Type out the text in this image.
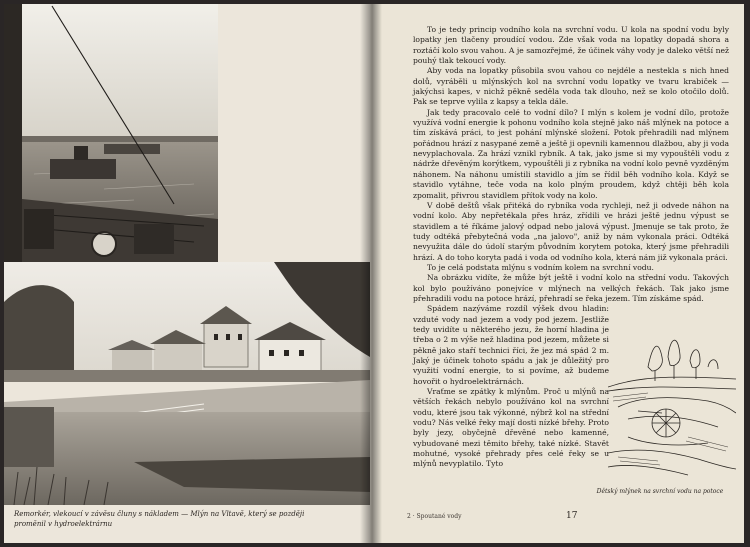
Remorkér, vlekoucí v závěsu čluny s nákladem — Mlýn na Vltavě, který se později proměnil v hydroelektrárnu

To je tedy princip vodního kola na svrchní vodu. U kola na spodní vodu byly lopatky jen tlačeny proudící vodou. Zde však voda na lopatky dopadá shora a roztáčí kolo svou vahou. A je samozřejmé, že účinek váhy vody je daleko větší než pouhý tlak tekoucí vody.

Aby voda na lopatky působila svou vahou co nejdéle a nestekla s nich hned dolů, vyráběli u mlýnských kol na svrchní vodu lopatky ve tvaru krabiček — jakýchsi kapes, v nichž pěkně seděla voda tak dlouho, než se kolo otočilo dolů. Pak se teprve vylila z kapsy a tekla dále.

Jak tedy pracovalo celé to vodní dílo? I mlýn s kolem je vodní dílo, protože využívá vodní energie k pohonu vodního kola stejně jako náš mlýnek na potoce a tím získává práci, to jest pohání mlýnské složení. Potok přehradili nad mlýnem pořádnou hrází z nasypané země a ještě ji opevnili kamennou dlažbou, aby ji voda nevyplachovala. Za hrází vznikl rybník. A tak, jako jsme si my vypouštěli vodu z nádrže dřevěným korýtkem, vypouštěli ji z rybníka na vodní kolo pevně vyzděným náhonem. Na náhonu umístili stavidlo a jím se řídil běh vodního kola. Když se stavidlo vytáhne, teče voda na kolo plným proudem, když chtěji běh kola zpomalit, přivrou stavidlem přítok vody na kolo.

V době deštů však přitéká do rybníka voda rychleji, než ji odvede náhon na vodní kolo. Aby nepřetékala přes hráz, zřídili ve hrázi ještě jednu výpust se stavidlem a té říkáme jalový odpad nebo jalová výpust. Jmenuje se tak proto, že tudy odtéká přebytečná voda „na jalovo", aniž by nám vykonala práci. Odtéká nevyužita dále do údolí starým původním korytem potoka, který jsme přehradili hrází. A do toho koryta padá i voda od vodního kola, která nám již vykonala práci.

To je celá podstata mlýnu s vodním kolem na svrchní vodu.

Na obrázku vidíte, že může být ještě i vodní kolo na střední vodu. Takových kol bylo používáno ponejvíce v mlýnech na velkých řekách. Tak jako jsme přehradili vodu na potoce hrází, přehradí se řeka jezem. Tím získáme spád.

Spádem nazýváme rozdíl výšek dvou hladin: vzduté vody nad jezem a vody pod jezem. Jestliže tedy uvidíte u některého jezu, že horní hladina je třeba o 2 m výše než hladina pod jezem, můžete si pěkně jako staří technici říci, že jez má spád 2 m. Jaký je účinek tohoto spádu a jak je důležitý pro využití vodní energie, to si povíme, až budeme hovořit o hydroelektrárnách.

Vraťme se zpátky k mlýnům. Proč u mlýnů na větších řekách nebylo používáno kol na svrchní vodu, které jsou tak výkonné, nýbrž kol na střední vodu? Nás velké řeky mají dosti nízké břehy. Proto byly jezy, obyčejně dřevěné nebo kamenné, vybudované mezi těmito břehy, také nízké. Stavět mohutné, vysoké přehrady přes celé řeky se u mlýnů nevyplatilo. Tyto

Dětský mlýnek na svrchní vodu na potoce
2 · Spoutané vody	17
